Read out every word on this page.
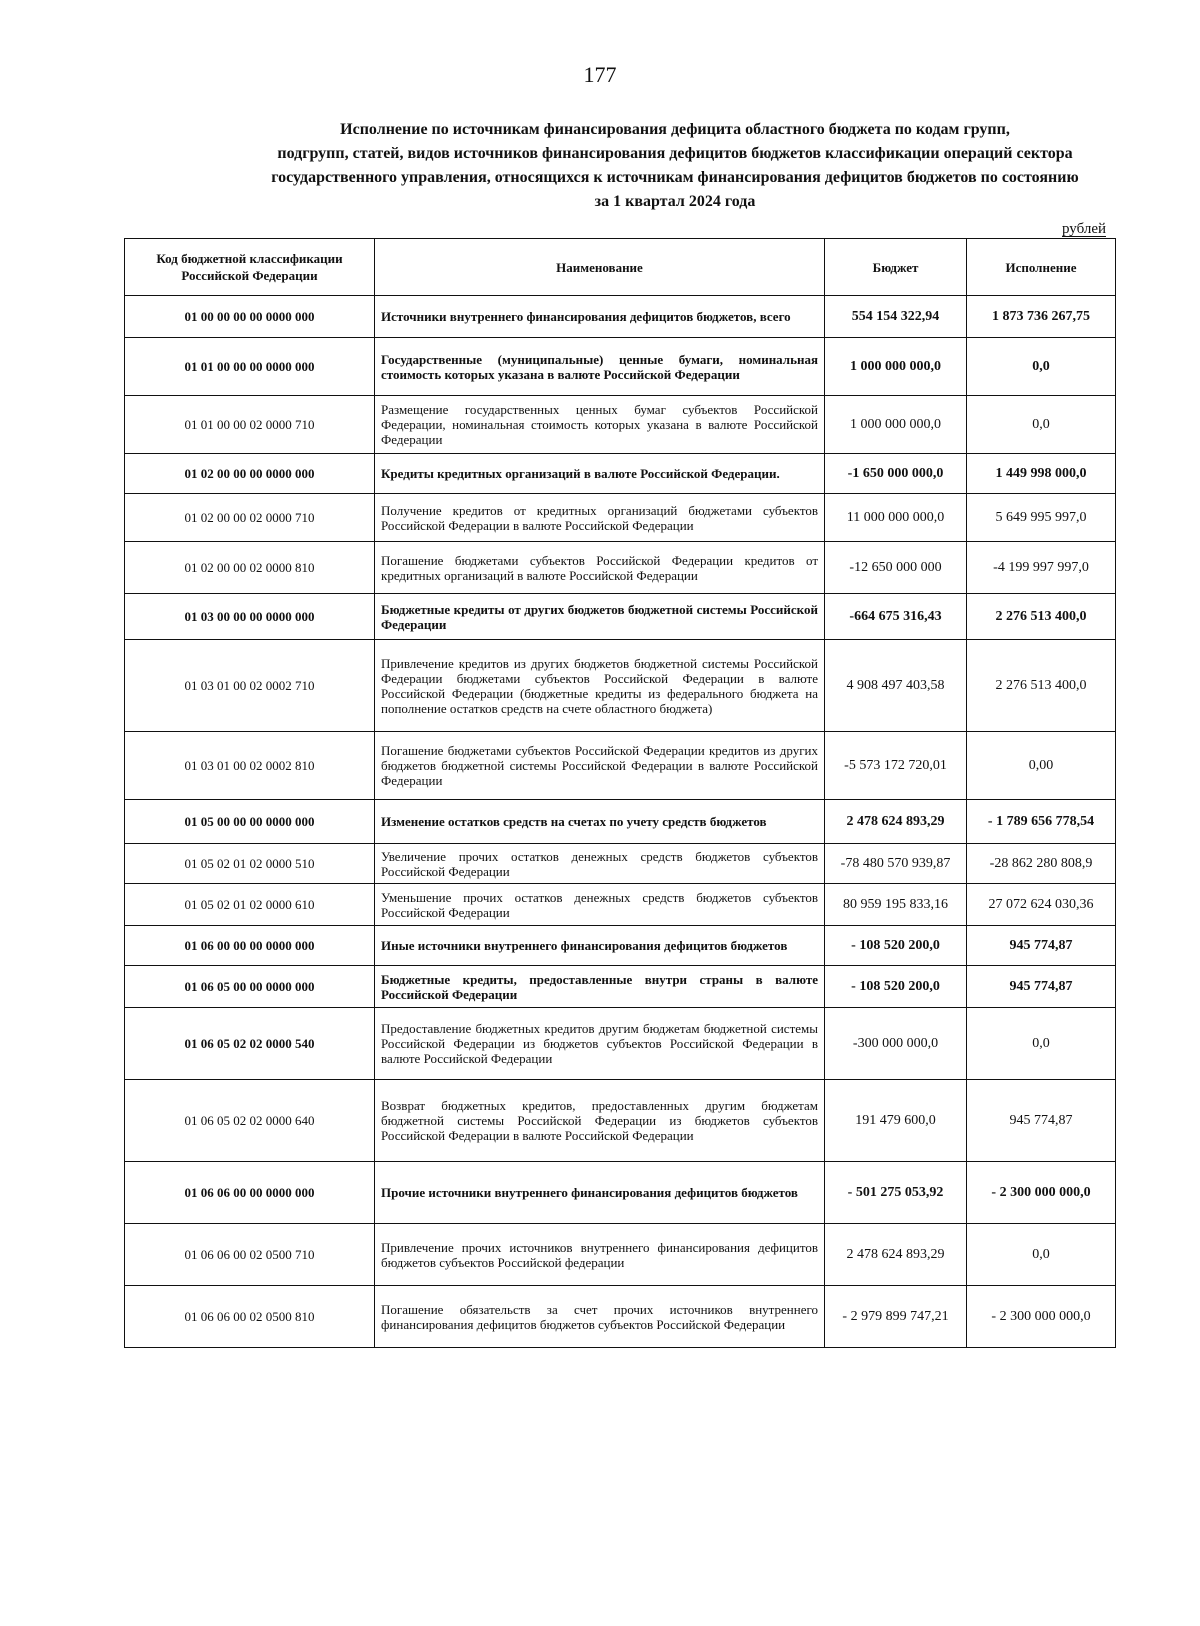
177
Исполнение по источникам финансирования дефицита областного бюджета по кодам групп,
подгрупп, статей, видов источников финансирования дефицитов бюджетов классификации операций сектора
государственного управления, относящихся к источникам финансирования дефицитов бюджетов по состоянию
за 1 квартал 2024 года
рублей
Код бюджетной классификации Российской Федерации	Наименование	Бюджет	Исполнение
01 00 00 00 00 0000 000	Источники внутреннего финансирования дефицитов бюджетов, всего	554 154 322,94	1 873 736 267,75
01 01 00 00 00 0000 000	Государственные (муниципальные) ценные бумаги, номинальная стоимость которых указана в валюте Российской Федерации	1 000 000 000,0	0,0
01 01 00 00 02 0000 710	Размещение государственных ценных бумаг субъектов Российской Федерации, номинальная стоимость которых указана в валюте Российской Федерации	1 000 000 000,0	0,0
01 02 00 00 00 0000 000	Кредиты кредитных организаций в валюте Российской Федерации.	-1 650 000 000,0	1 449 998 000,0
01 02 00 00 02 0000 710	Получение кредитов от кредитных организаций бюджетами субъектов Российской Федерации в валюте Российской Федерации	11 000 000 000,0	5 649 995 997,0
01 02 00 00 02 0000 810	Погашение бюджетами субъектов Российской Федерации кредитов от кредитных организаций в валюте Российской Федерации	-12 650 000 000	-4 199 997 997,0
01 03 00 00 00 0000 000	Бюджетные кредиты от других бюджетов бюджетной системы Российской Федерации	-664 675 316,43	2 276 513 400,0
01 03 01 00 02 0002 710	Привлечение кредитов из других бюджетов бюджетной системы Российской Федерации бюджетами субъектов Российской Федерации в валюте Российской Федерации (бюджетные кредиты из федерального бюджета на пополнение остатков средств на счете областного бюджета)	4 908 497 403,58	2 276 513 400,0
01 03 01 00 02 0002 810	Погашение бюджетами субъектов Российской Федерации кредитов из других бюджетов бюджетной системы Российской Федерации в валюте Российской Федерации	-5 573 172 720,01	0,00
01 05 00 00 00 0000 000	Изменение остатков средств на счетах по учету средств бюджетов	2 478 624 893,29	- 1 789 656 778,54
01 05 02 01 02 0000 510	Увеличение прочих остатков денежных средств бюджетов субъектов Российской Федерации	-78 480 570 939,87	-28 862 280 808,9
01 05 02 01 02 0000 610	Уменьшение прочих остатков денежных средств бюджетов субъектов Российской Федерации	80 959 195 833,16	27 072 624 030,36
01 06 00 00 00 0000 000	Иные источники внутреннего финансирования дефицитов бюджетов	- 108 520 200,0	945 774,87
01 06 05 00 00 0000 000	Бюджетные кредиты, предоставленные внутри страны в валюте Российской Федерации	- 108 520 200,0	945 774,87
01 06 05 02 02 0000 540	Предоставление бюджетных кредитов другим бюджетам бюджетной системы Российской Федерации из бюджетов субъектов Российской Федерации в валюте Российской Федерации	-300 000 000,0	0,0
01 06 05 02 02 0000 640	Возврат бюджетных кредитов, предоставленных другим бюджетам бюджетной системы Российской Федерации из бюджетов субъектов Российской Федерации в валюте Российской Федерации	191 479 600,0	945 774,87
01 06 06 00 00 0000 000	Прочие источники внутреннего финансирования дефицитов бюджетов	- 501 275 053,92	- 2 300 000 000,0
01 06 06 00 02 0500 710	Привлечение прочих источников внутреннего финансирования дефицитов бюджетов субъектов Российской федерации	2 478 624 893,29	0,0
01 06 06 00 02 0500 810	Погашение обязательств за счет прочих источников внутреннего финансирования дефицитов бюджетов субъектов Российской Федерации	- 2 979 899 747,21	- 2 300 000 000,0
